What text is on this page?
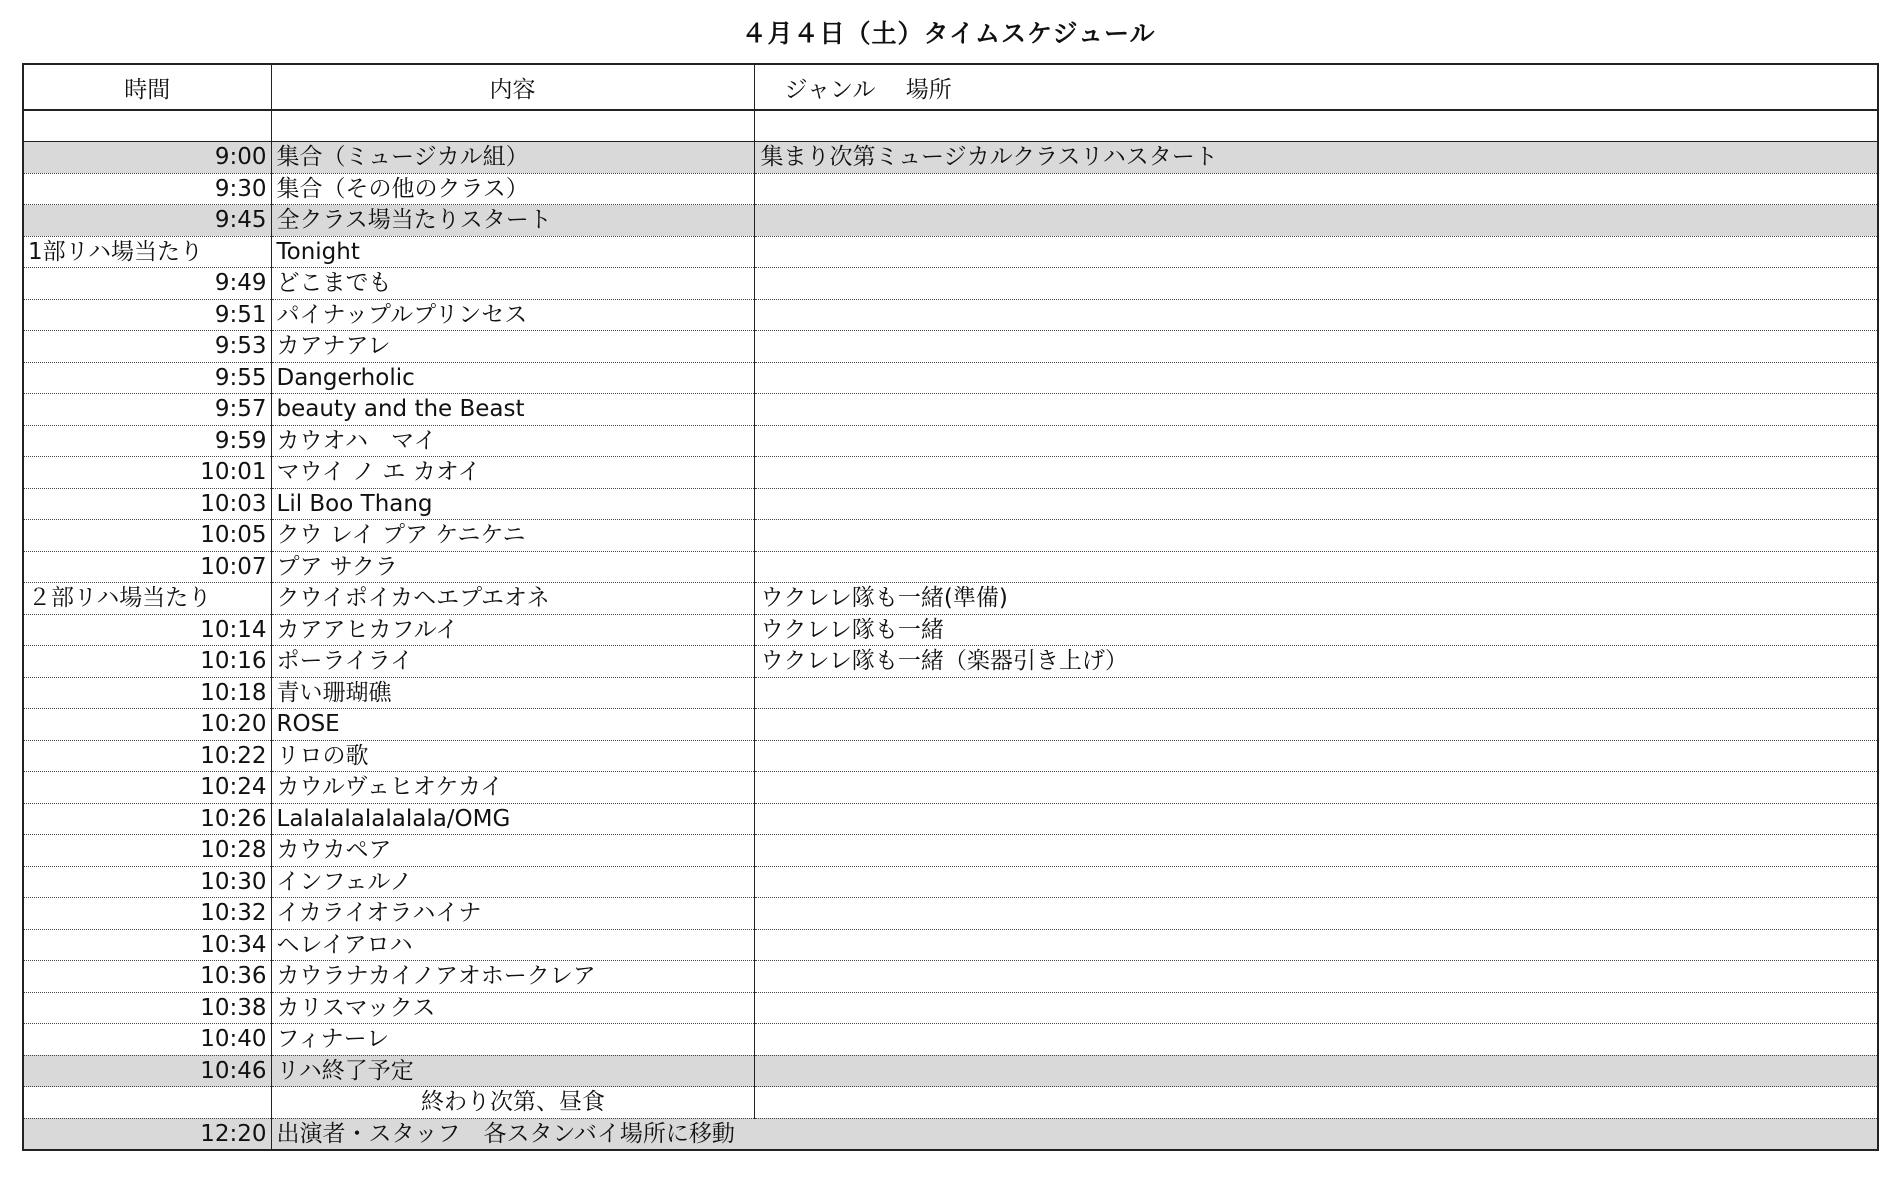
４月４日（土）タイムスケジュール
時間	内容	ジャンル　 場所

9:00	集合（ミュージカル組）	集まり次第ミュージカルクラスリハスタート
9:30	集合（その他のクラス）	
9:45	全クラス場当たりスタート	
1部リハ場当たり	Tonight	
9:49	どこまでも	
9:51	パイナップルプリンセス	
9:53	カアナアレ	
9:55	Dangerholic	
9:57	beauty and the Beast	
9:59	カウオハ　マイ	
10:01	マウイ ノ エ カオイ	
10:03	Lil Boo Thang	
10:05	クウ レイ プア ケニケニ	
10:07	プア サクラ	
２部リハ場当たり	クウイポイカヘエプエオネ	ウクレレ隊も一緒(準備)
10:14	カアアヒカフルイ	ウクレレ隊も一緒
10:16	ポーライライ	ウクレレ隊も一緒（楽器引き上げ）
10:18	青い珊瑚礁	
10:20	ROSE	
10:22	リロの歌	
10:24	カウルヴェヒオケカイ	
10:26	Lalalalalalalala/OMG	
10:28	カウカペア	
10:30	インフェルノ	
10:32	イカライオラハイナ	
10:34	ヘレイアロハ	
10:36	カウラナカイノアオホークレア	
10:38	カリスマックス	
10:40	フィナーレ	
10:46	リハ終了予定	
	終わり次第、昼食	
12:20	出演者・スタッフ　各スタンバイ場所に移動	
